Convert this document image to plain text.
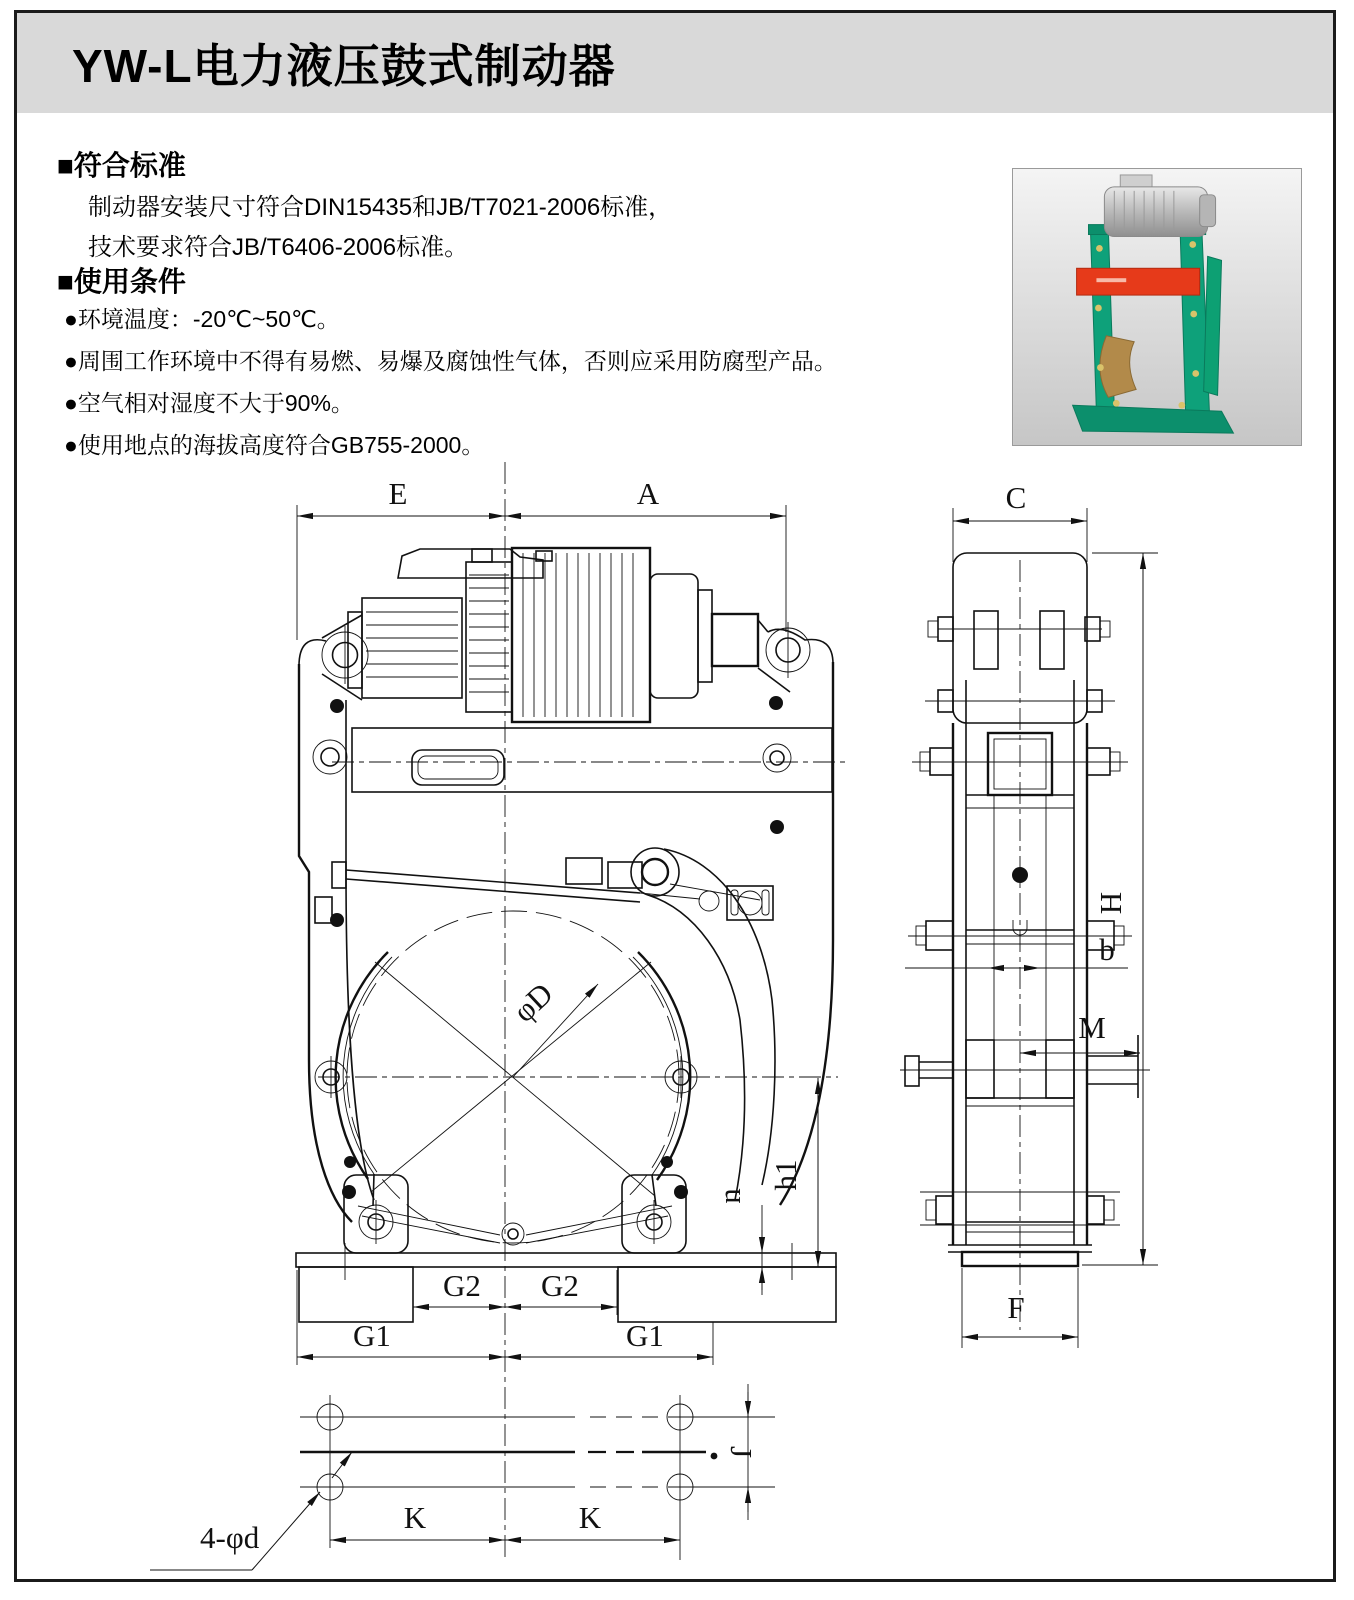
YW-L电力液压鼓式制动器
■符合标准
制动器安装尺寸符合DIN15435和JB/T7021-2006标准，
技术要求符合JB/T6406-2006标准。
■使用条件
●环境温度：-20℃~50℃。
●周围工作环境中不得有易燃、易爆及腐蚀性气体，否则应采用防腐型产品。
●空气相对湿度不大于90%。
●使用地点的海拔高度符合GB755-2000。
E	A
φD
n
h1
G2 G2
G1	G1
J
K	K
4-φd
C
b
M
H
F
